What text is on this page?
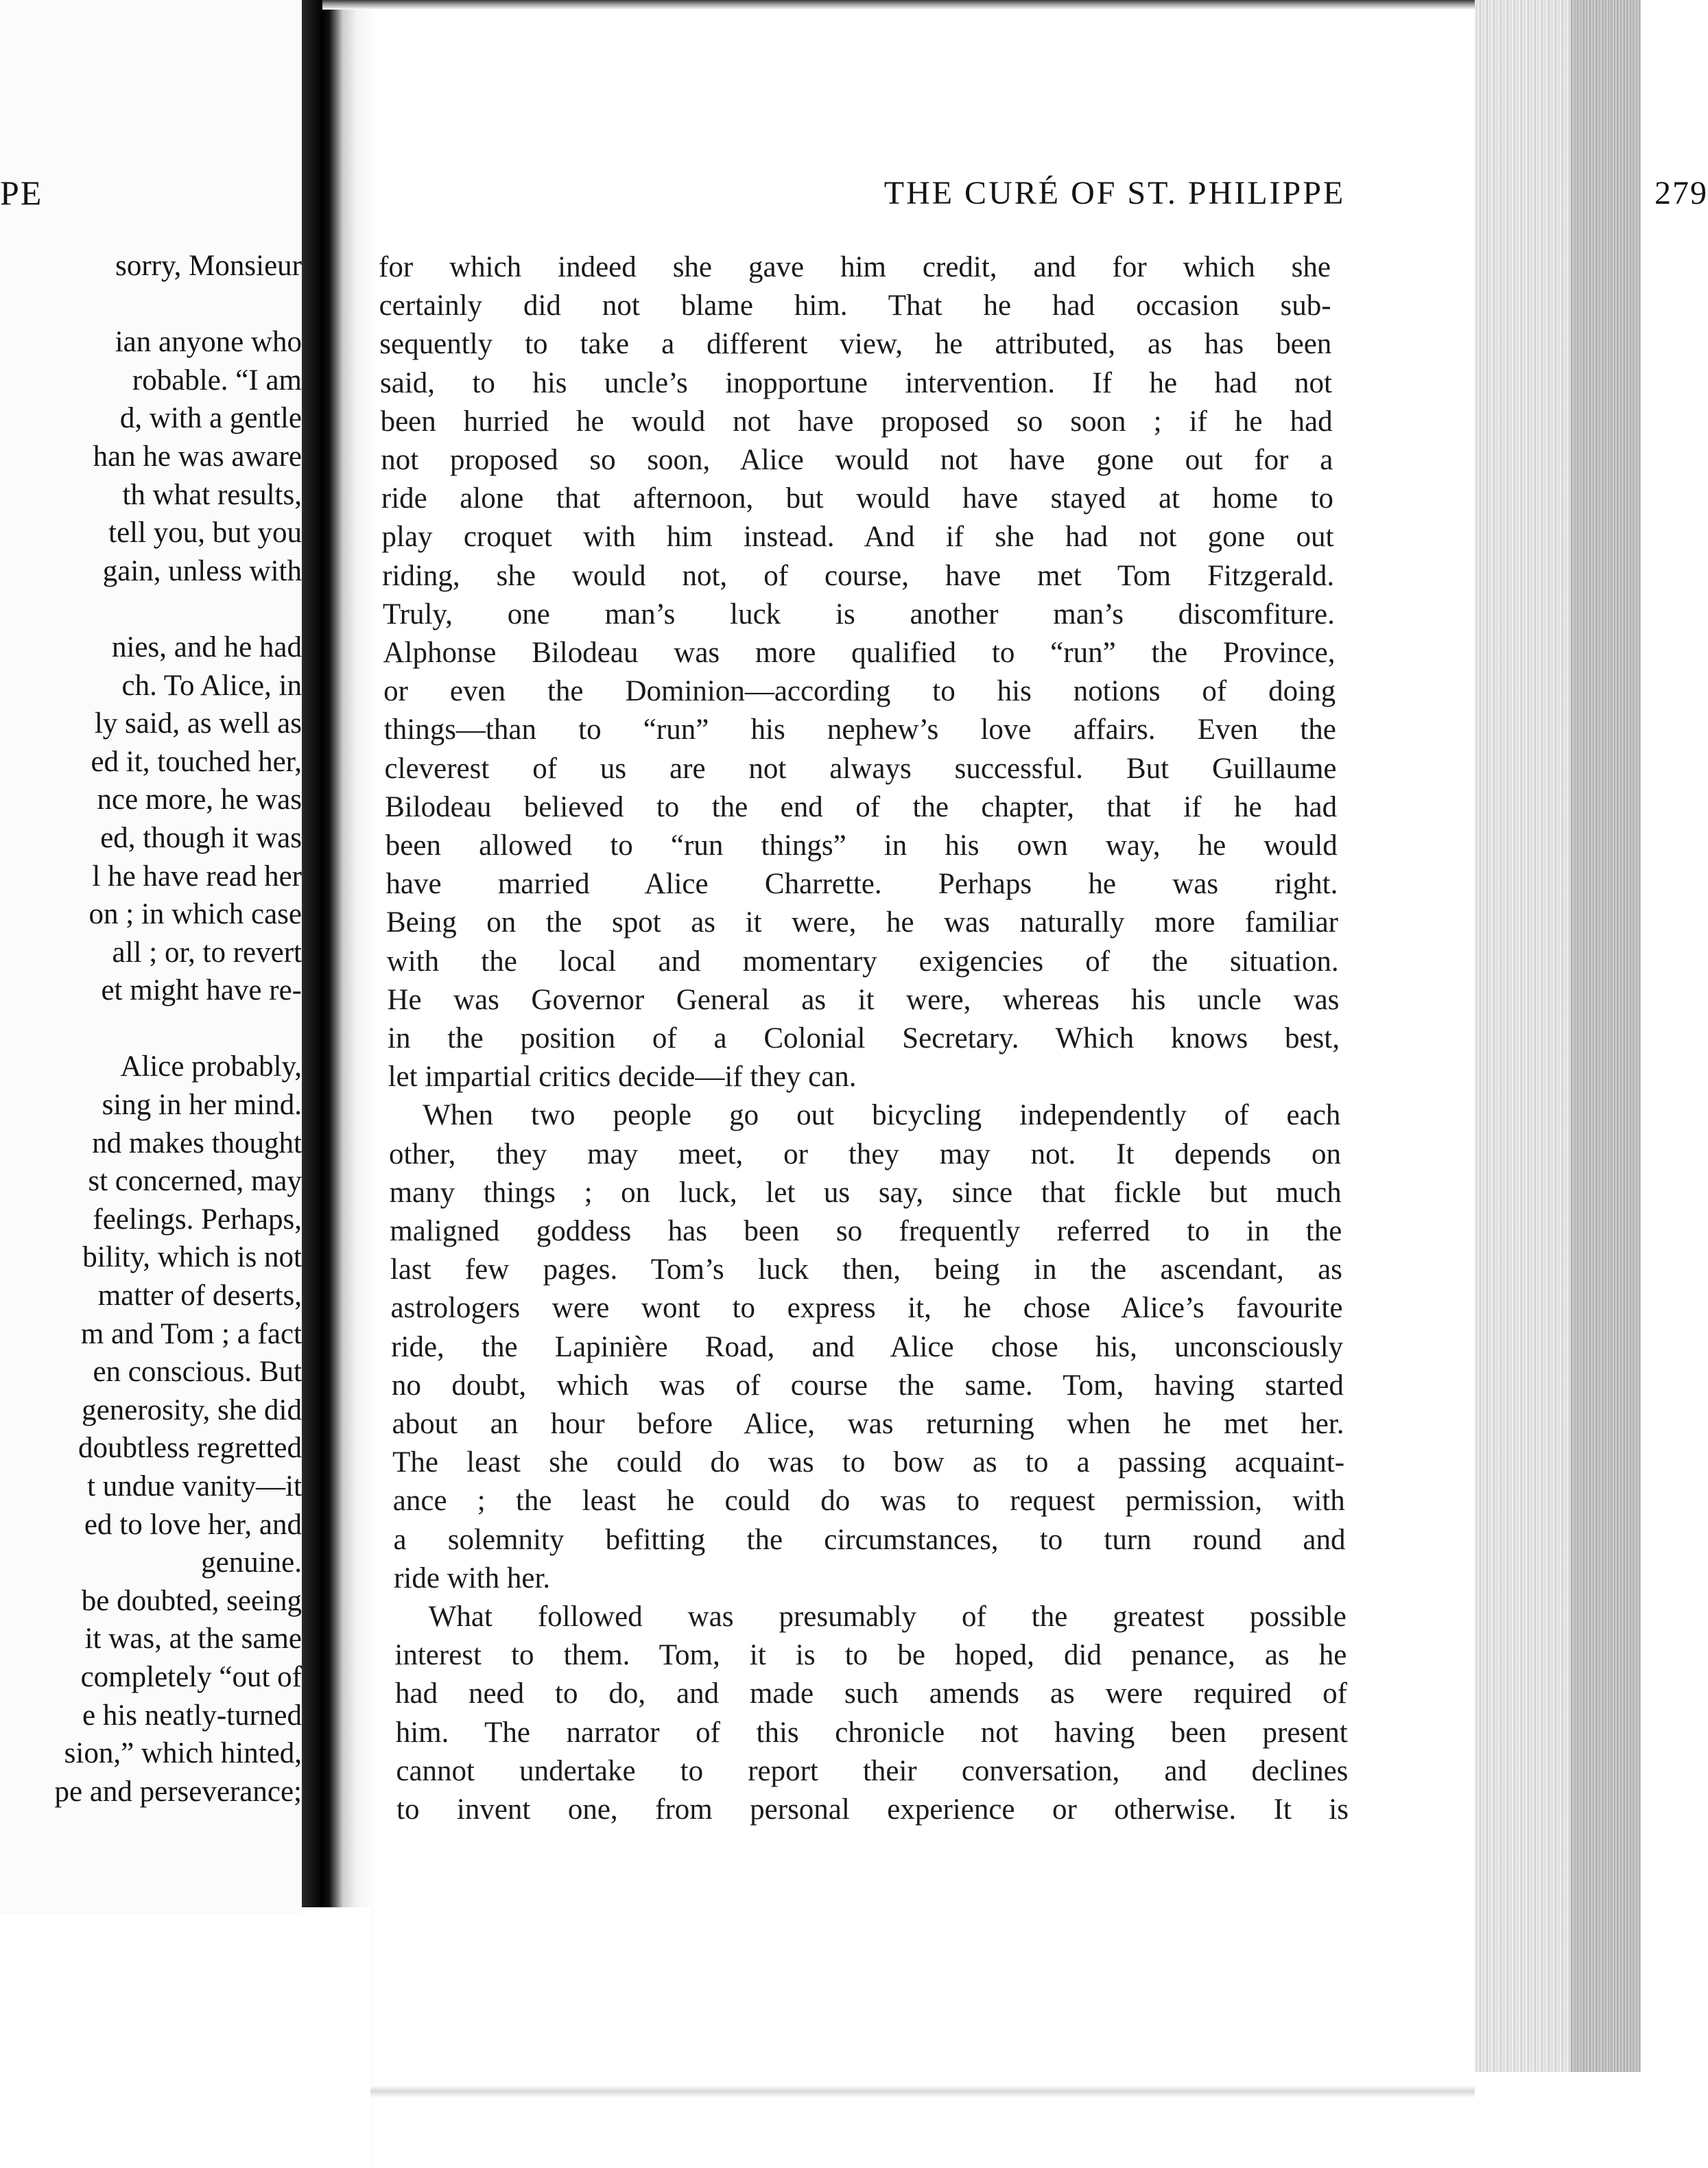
PE
sorry, Monsieur
ian anyone who
robable. “I am
d, with a gentle
han he was aware
th what results,
tell you, but you
gain, unless with
nies, and he had
ch. To Alice, in
ly said, as well as
ed it, touched her,
nce more, he was
ed, though it was
l he have read her
on ; in which case
all ; or, to revert
et might have re-
Alice probably,
sing in her mind.
nd makes thought
st concerned, may
feelings. Perhaps,
bility, which is not
matter of deserts,
m and Tom ; a fact
en conscious. But
generosity, she did
doubtless regretted
t undue vanity—it
ed to love her, and
genuine.
be doubted, seeing
it was, at the same
completely “out of
e his neatly-turned
sion,” which hinted,
pe and perseverance;
THE CURÉ OF ST. PHILIPPE	279
for which indeed she gave him credit, and for which she
certainly did not blame him. That he had occasion sub-
sequently to take a different view, he attributed, as has been
said, to his uncle’s inopportune intervention. If he had not
been hurried he would not have proposed so soon ; if he had
not proposed so soon, Alice would not have gone out for a
ride alone that afternoon, but would have stayed at home to
play croquet with him instead. And if she had not gone out
riding, she would not, of course, have met Tom Fitzgerald.
Truly, one man’s luck is another man’s discomfiture.
Alphonse Bilodeau was more qualified to “run” the Province,
or even the Dominion—according to his notions of doing
things—than to “run” his nephew’s love affairs. Even the
cleverest of us are not always successful. But Guillaume
Bilodeau believed to the end of the chapter, that if he had
been allowed to “run things” in his own way, he would
have married Alice Charrette. Perhaps he was right.
Being on the spot as it were, he was naturally more familiar
with the local and momentary exigencies of the situation.
He was Governor General as it were, whereas his uncle was
in the position of a Colonial Secretary. Which knows best,
let impartial critics decide—if they can.
When two people go out bicycling independently of each
other, they may meet, or they may not. It depends on
many things ; on luck, let us say, since that fickle but much
maligned goddess has been so frequently referred to in the
last few pages. Tom’s luck then, being in the ascendant, as
astrologers were wont to express it, he chose Alice’s favourite
ride, the Lapinière Road, and Alice chose his, unconsciously
no doubt, which was of course the same. Tom, having started
about an hour before Alice, was returning when he met her.
The least she could do was to bow as to a passing acquaint-
ance ; the least he could do was to request permission, with
a solemnity befitting the circumstances, to turn round and
ride with her.
What followed was presumably of the greatest possible
interest to them. Tom, it is to be hoped, did penance, as he
had need to do, and made such amends as were required of
him. The narrator of this chronicle not having been present
cannot undertake to report their conversation, and declines
to invent one, from personal experience or otherwise. It is
